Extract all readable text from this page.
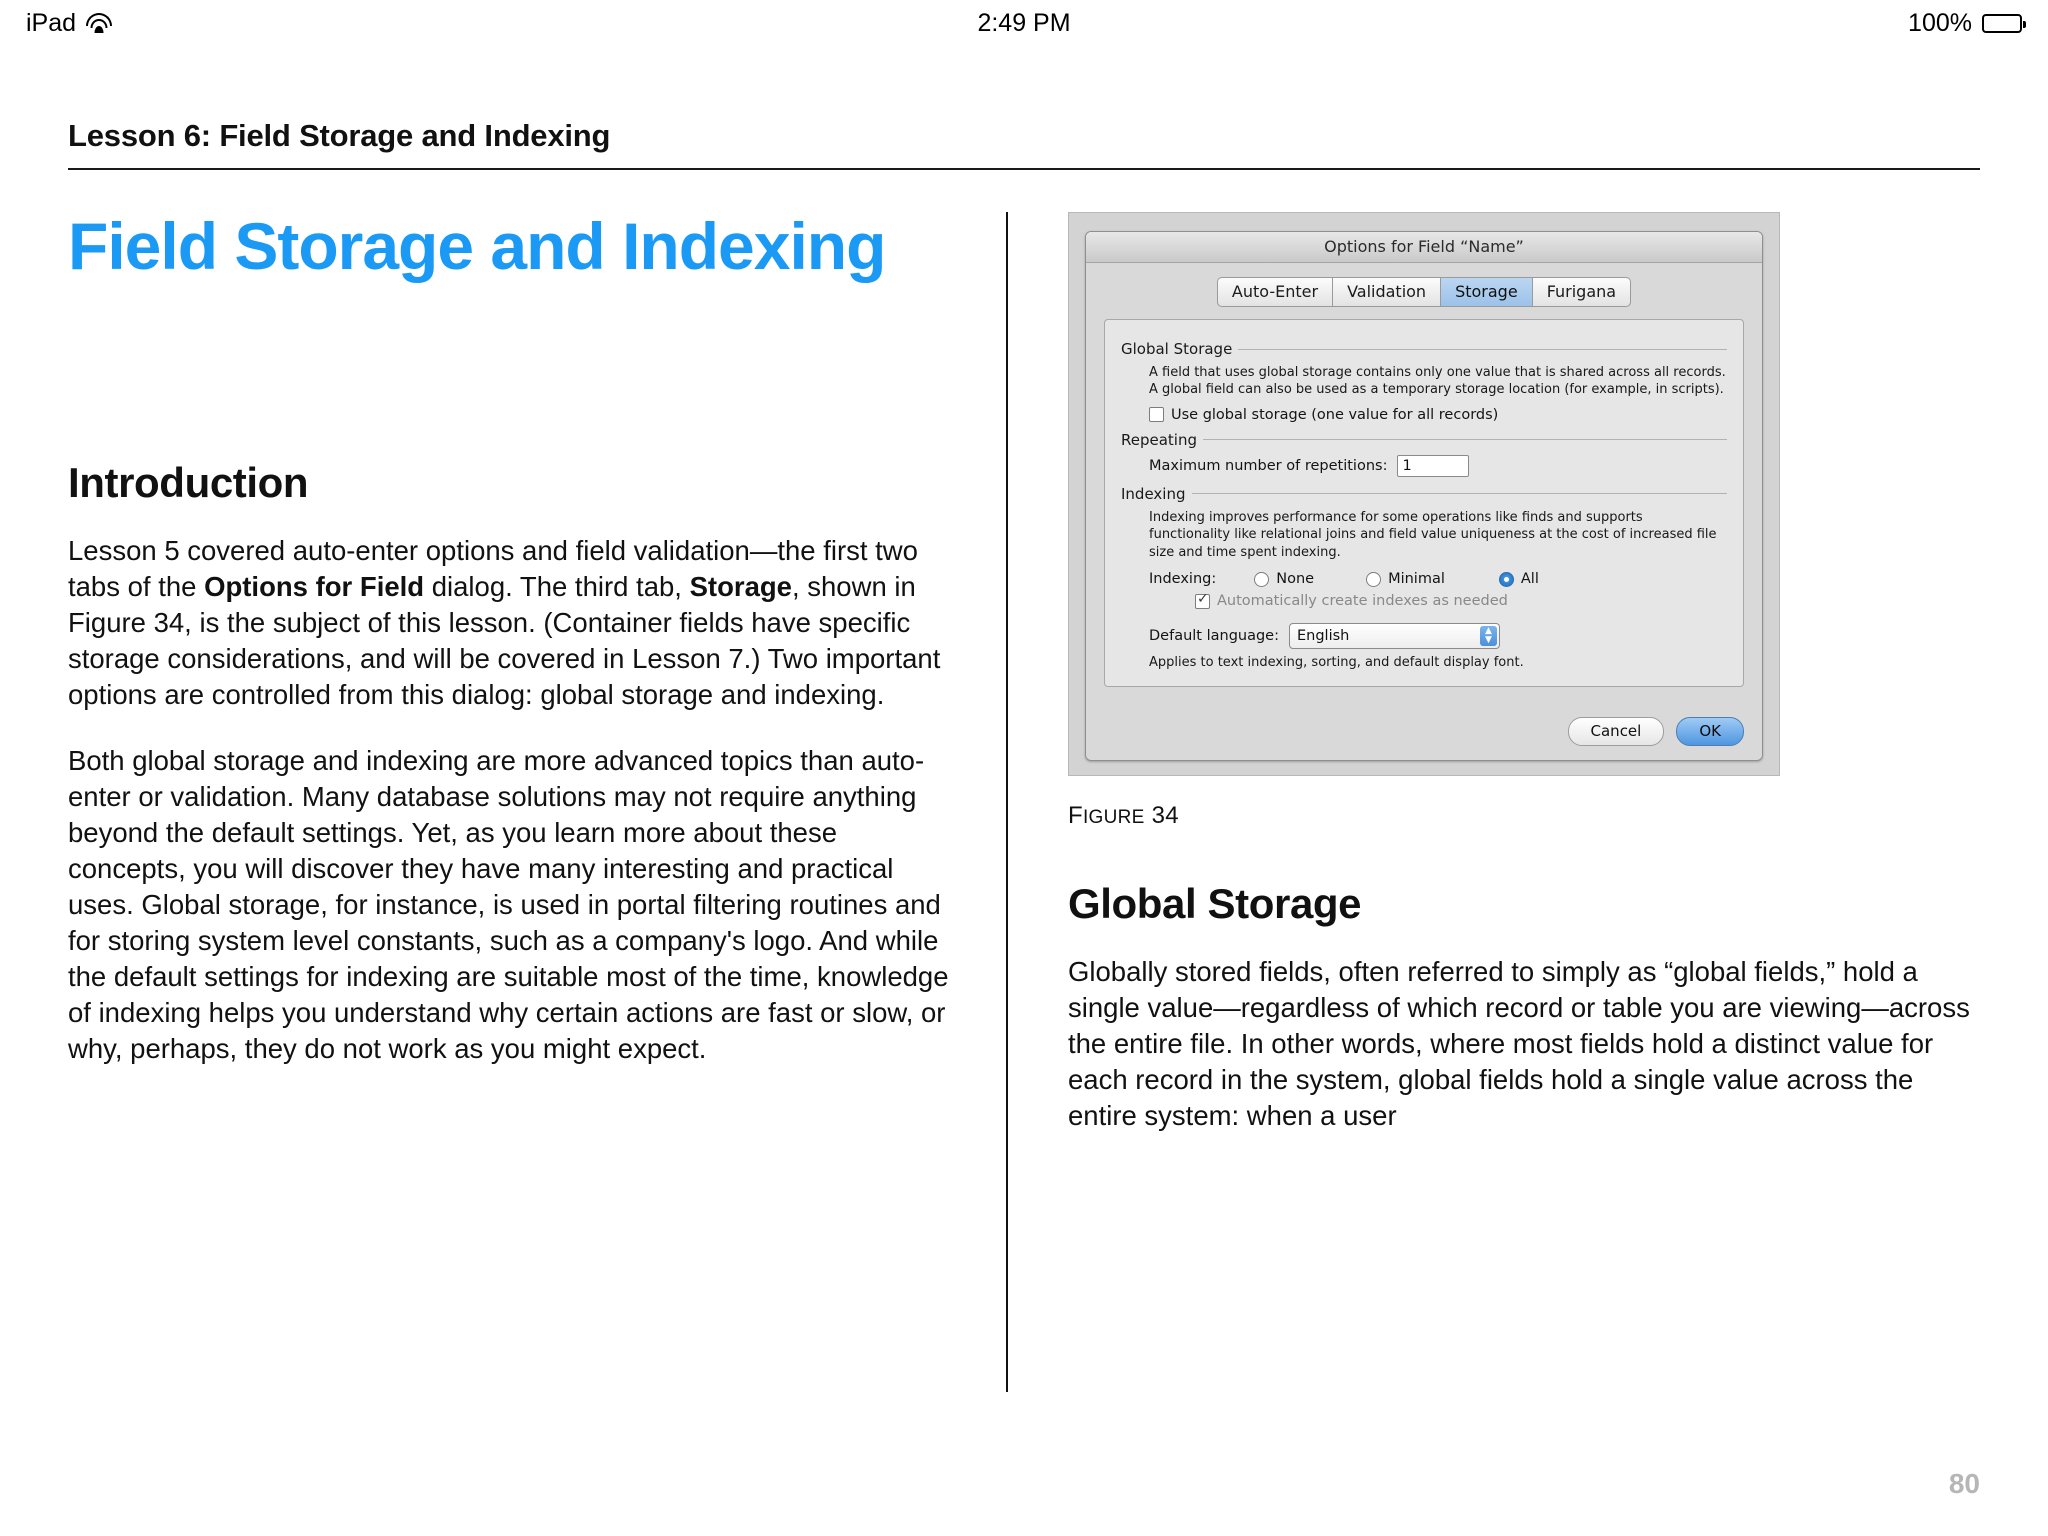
iPad	2:49 PM	100%
Lesson 6: Field Storage and Indexing
Field Storage and Indexing
Introduction

Lesson 5 covered auto-enter options and field validation—the first two tabs of the Options for Field dialog. The third tab, Storage, shown in Figure 34, is the subject of this lesson. (Container fields have specific storage considerations, and will be covered in Lesson 7.) Two important options are controlled from this dialog: global storage and indexing.

Both global storage and indexing are more advanced topics than auto-enter or validation. Many database solutions may not require anything beyond the default settings. Yet, as you learn more about these concepts, you will discover they have many interesting and practical uses. Global storage, for instance, is used in portal filtering routines and for storing system level constants, such as a company's logo. And while the default settings for indexing are suitable most of the time, knowledge of indexing helps you understand why certain actions are fast or slow, or why, perhaps, they do not work as you might expect.

Options for Field “Name”
Auto-Enter	Validation	Storage	Furigana
Global Storage
A field that uses global storage contains only one value that is shared across all records. A global field can also be used as a temporary storage location (for example, in scripts).
Use global storage (one value for all records)
Repeating
Maximum number of repetitions:	1
Indexing
Indexing improves performance for some operations like finds and supports functionality like relational joins and field value uniqueness at the cost of increased file size and time spent indexing.
Indexing:	None	Minimal	All
✓
Automatically create indexes as needed
Default language: English	▲
▼
Applies to text indexing, sorting, and default display font.
Cancel	OK
FIGURE 34
Global Storage

Globally stored fields, often referred to simply as “global fields,” hold a single value—regardless of which record or table you are viewing—across the entire file. In other words, where most fields hold a distinct value for each record in the system, global fields hold a single value across the entire system: when a user

80
